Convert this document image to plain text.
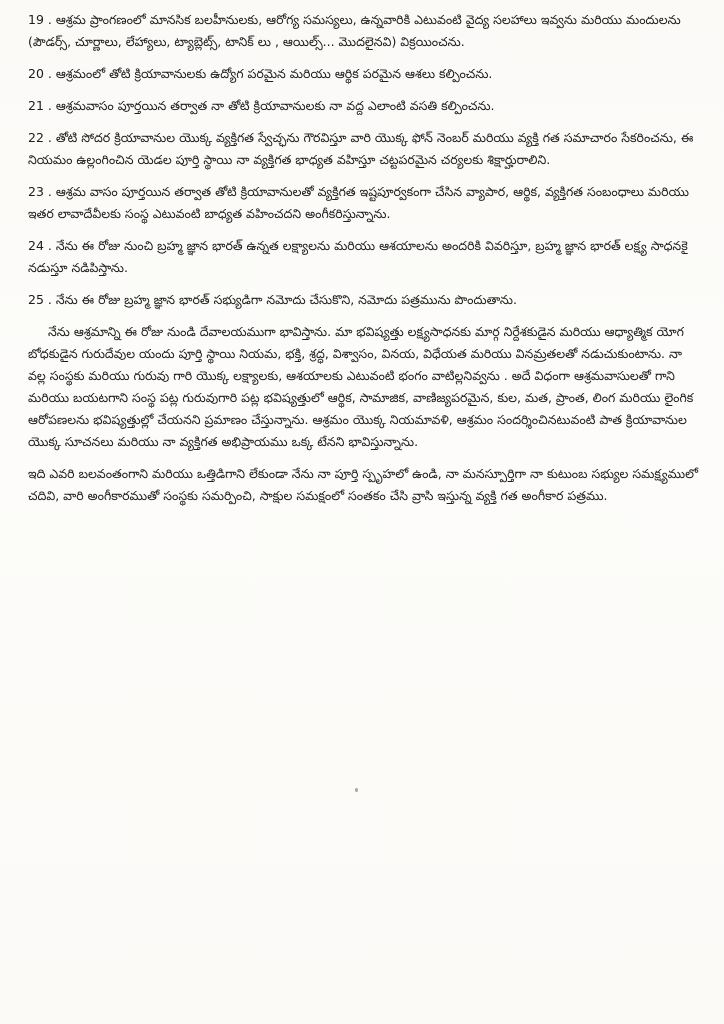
19 . ఆశ్రమ ప్రాంగణంలో మానసిక బలహీనులకు, ఆరోగ్య సమస్యలు, ఉన్నవారికి ఎటువంటి వైద్య సలహాలు ఇవ్వను మరియు మందులను (పౌడర్స్, చూర్ణాలు, లేహ్యాలు, ట్యాబ్లెట్స్, టానిక్ లు , ఆయిల్స్... మొదలైనవి) విక్రయించను.

20 . ఆశ్రమంలో తోటి క్రియావానులకు ఉద్యోగ పరమైన మరియు ఆర్థిక పరమైన ఆశలు కల్పించను.

21 . ఆశ్రమవాసం పూర్తయిన తర్వాత నా తోటి క్రియావానులకు నా వద్ద ఎలాంటి వసతి కల్పించను.

22 . తోటి సోదర క్రియావానుల యొక్క వ్యక్తిగత స్వేచ్ఛను గౌరవిస్తూ వారి యొక్క ఫోన్ నెంబర్ మరియు వ్యక్తి గత సమాచారం సేకరించను, ఈ నియమం ఉల్లంగించిన యెడల పూర్తి స్థాయి నా వ్యక్తిగత భాధ్యత వహిస్తూ చట్టపరమైన చర్యలకు శిక్షార్హురాలిని.

23 . ఆశ్రమ వాసం పూర్తయిన తర్వాత తోటి క్రియావానులతో వ్యక్తిగత ఇష్టపూర్వకంగా చేసిన వ్యాపార, ఆర్థిక, వ్యక్తిగత సంబంధాలు మరియు ఇతర లావాదేవీలకు సంస్థ ఎటువంటి బాధ్యత వహించదని అంగీకరిస్తున్నాను.

24 . నేను ఈ రోజు నుంచి బ్రహ్మ జ్ఞాన భారత్ ఉన్నత లక్ష్యాలను మరియు ఆశయాలను అందరికి వివరిస్తూ, బ్రహ్మ జ్ఞాన భారత్ లక్ష్య సాధనకై నడుస్తూ నడిపిస్తాను.

25 . నేను ఈ రోజు బ్రహ్మ జ్ఞాన భారత్ సభ్యుడిగా నమోదు చేసుకొని, నమోదు పత్రమును పొందుతాను.

నేను ఆశ్రమాన్ని ఈ రోజు నుండి దేవాలయముగా భావిస్తాను. మా భవిష్యత్తు లక్ష్యసాధనకు మార్గ నిర్దేశకుడైన మరియు ఆధ్యాత్మిక యోగ బోధకుడైన గురుదేవుల యందు పూర్తి స్థాయి నియమ, భక్తి, శ్రద్ధ, విశ్వాసం, వినయ, విధేయత మరియు వినమ్రతలతో నడుచుకుంటాను. నా వల్ల సంస్థకు మరియు గురువు గారి యొక్క లక్ష్యాలకు, ఆశయాలకు ఎటువంటి భంగం వాటిల్లనివ్వను . అదే విధంగా ఆశ్రమవాసులతో గాని మరియు బయటగాని సంస్థ పట్ల గురువుగారి పట్ల భవిష్యత్తులో ఆర్థిక, సామాజిక, వాణిజ్యపరమైన, కుల, మత, ప్రాంత, లింగ మరియు లైంగిక ఆరోపణలను భవిష్యత్తుల్లో చేయనని ప్రమాణం చేస్తున్నాను. ఆశ్రమం యొక్క నియమావళి, ఆశ్రమం సందర్శించినటువంటి పాత క్రియావానుల యొక్క సూచనలు మరియు నా వ్యక్తిగత అభిప్రాయము ఒక్క టేనని భావిస్తున్నాను.

ఇది ఎవరి బలవంతంగాని మరియు ఒత్తిడిగాని లేకుండా నేను నా పూర్తి స్పృహలో ఉండి, నా మనస్పూర్తిగా నా కుటుంబ సభ్యుల సమక్ష్యములో చదివి, వారి అంగీకారముతో సంస్థకు సమర్పించి, సాక్షుల సమక్షంలో సంతకం చేసి వ్రాసి ఇస్తున్న వ్యక్తి గత అంగీకార పత్రము.
